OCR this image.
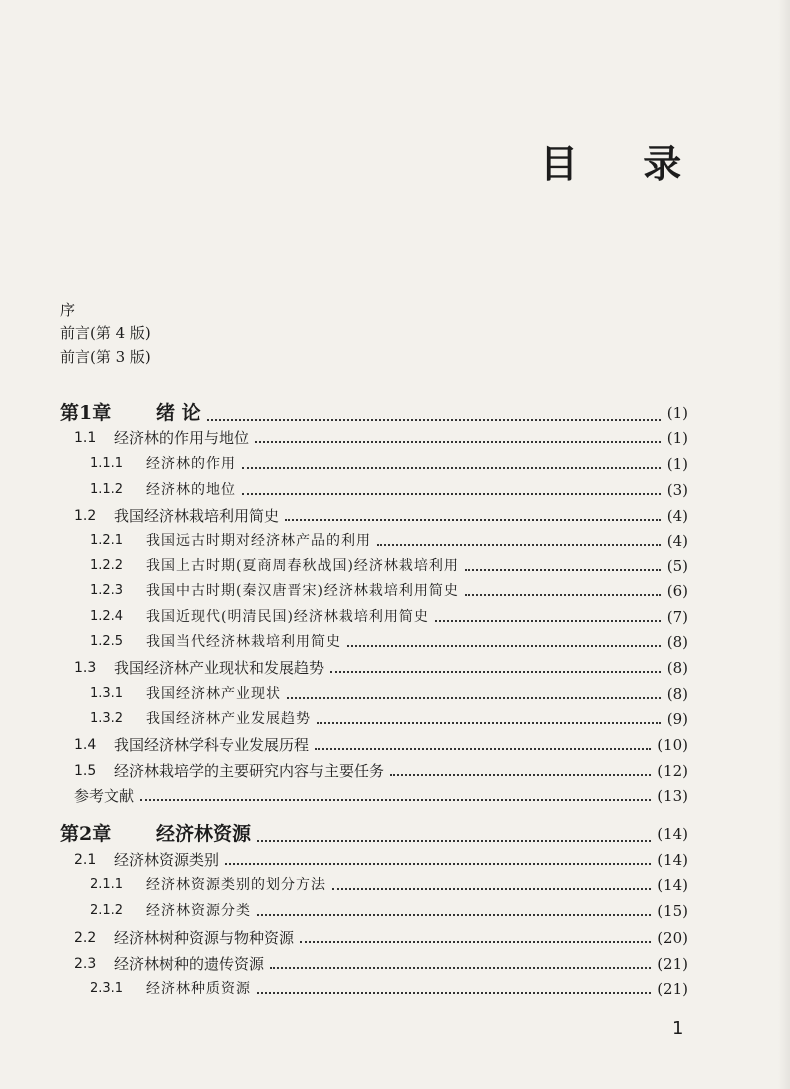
目 录
序
前言(第 4 版)
前言(第 3 版)
第1章	绪 论	(1)
1.1	经济林的作用与地位	(1)
1.1.1	经济林的作用	(1)
1.1.2	经济林的地位	(3)
1.2	我国经济林栽培利用简史	(4)
1.2.1	我国远古时期对经济林产品的利用	(4)
1.2.2	我国上古时期(夏商周春秋战国)经济林栽培利用	(5)
1.2.3	我国中古时期(秦汉唐晋宋)经济林栽培利用简史	(6)
1.2.4	我国近现代(明清民国)经济林栽培利用简史	(7)
1.2.5	我国当代经济林栽培利用简史	(8)
1.3	我国经济林产业现状和发展趋势	(8)
1.3.1	我国经济林产业现状	(8)
1.3.2	我国经济林产业发展趋势	(9)
1.4	我国经济林学科专业发展历程	(10)
1.5	经济林栽培学的主要研究内容与主要任务	(12)
参考文献	(13)
第2章	经济林资源	(14)
2.1	经济林资源类别	(14)
2.1.1	经济林资源类别的划分方法	(14)
2.1.2	经济林资源分类	(15)
2.2	经济林树种资源与物种资源	(20)
2.3	经济林树种的遗传资源	(21)
2.3.1	经济林种质资源	(21)
1
